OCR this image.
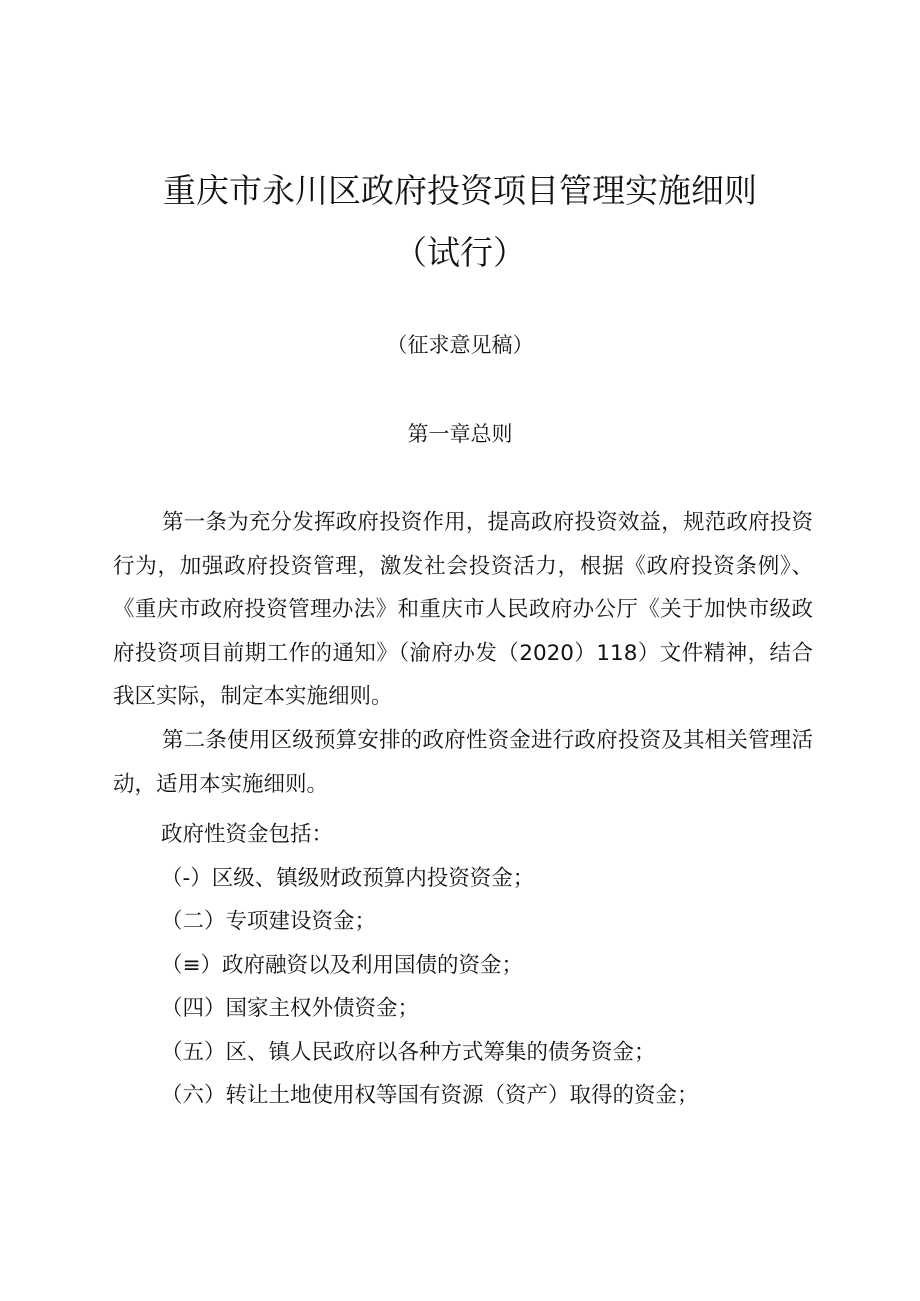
重庆市永川区政府投资项目管理实施细则
（试行）
（征求意见稿）
第一章总则
第一条为充分发挥政府投资作用，提高政府投资效益，规范政府投资行为，加强政府投资管理，激发社会投资活力，根据《政府投资条例》、《重庆市政府投资管理办法》和重庆市人民政府办公厅《关于加快市级政府投资项目前期工作的通知》（渝府办发（2020）118）文件精神，结合我区实际，制定本实施细则。
第二条使用区级预算安排的政府性资金进行政府投资及其相关管理活动，适用本实施细则。
政府性资金包括：
（-）区级、镇级财政预算内投资资金；
（二）专项建设资金；
（≡）政府融资以及利用国债的资金；
（四）国家主权外债资金；
（五）区、镇人民政府以各种方式筹集的债务资金；
（六）转让土地使用权等国有资源（资产）取得的资金；
